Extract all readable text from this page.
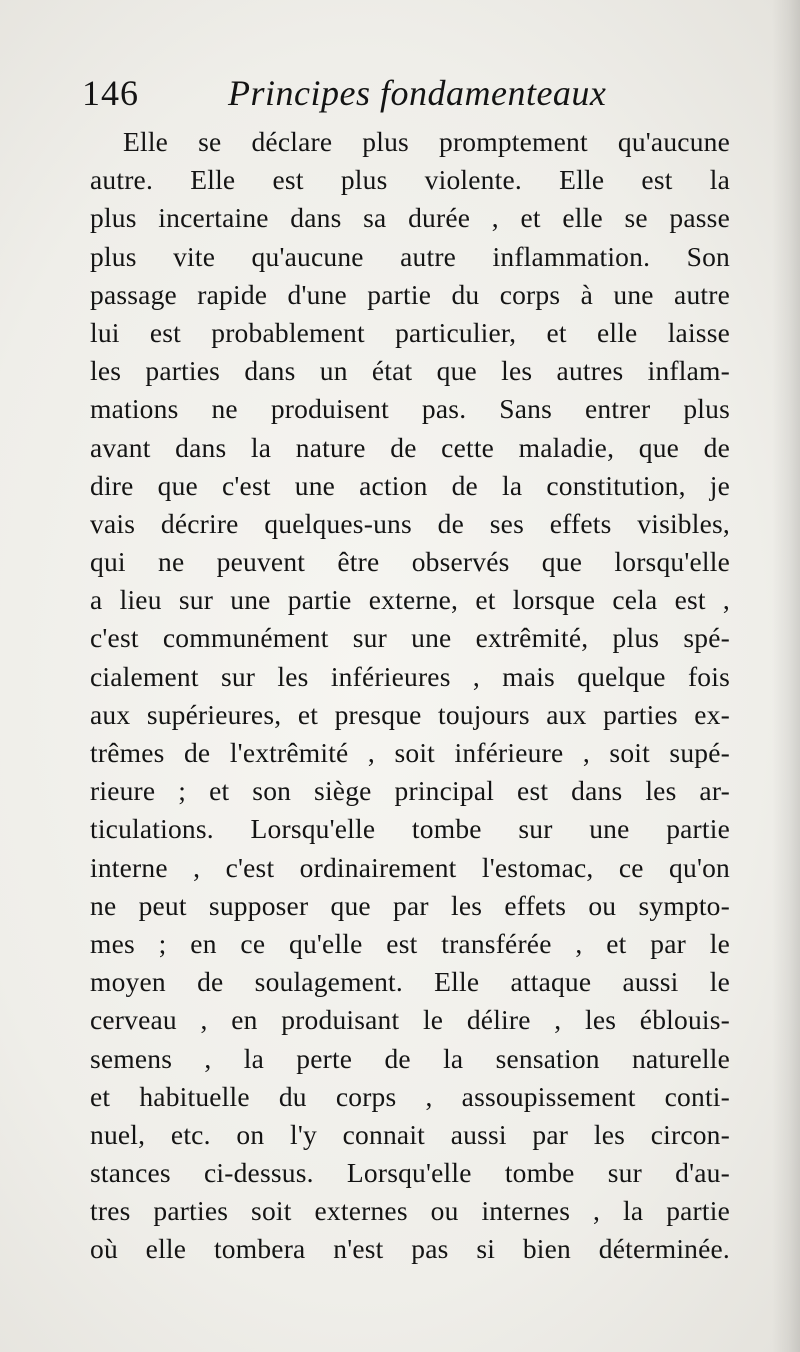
146 Principes fondamenteaux
Elle se déclare plus promptement qu'aucune
autre. Elle est plus violente. Elle est la
plus incertaine dans sa durée , et elle se passe
plus vite qu'aucune autre inflammation. Son
passage rapide d'une partie du corps à une autre
lui est probablement particulier, et elle laisse
les parties dans un état que les autres inflam-
mations ne produisent pas. Sans entrer plus
avant dans la nature de cette maladie, que de
dire que c'est une action de la constitution, je
vais décrire quelques-uns de ses effets visibles,
qui ne peuvent être observés que lorsqu'elle
a lieu sur une partie externe, et lorsque cela est ,
c'est communément sur une extrêmité, plus spé-
cialement sur les inférieures , mais quelque fois
aux supérieures, et presque toujours aux parties ex-
trêmes de l'extrêmité , soit inférieure , soit supé-
rieure ; et son siège principal est dans les ar-
ticulations. Lorsqu'elle tombe sur une partie
interne , c'est ordinairement l'estomac, ce qu'on
ne peut supposer que par les effets ou sympto-
mes ; en ce qu'elle est transférée , et par le
moyen de soulagement. Elle attaque aussi le
cerveau , en produisant le délire , les éblouis-
semens , la perte de la sensation naturelle
et habituelle du corps , assoupissement conti-
nuel, etc. on l'y connait aussi par les circon-
stances ci-dessus. Lorsqu'elle tombe sur d'au-
tres parties soit externes ou internes , la partie
où elle tombera n'est pas si bien déterminée.
